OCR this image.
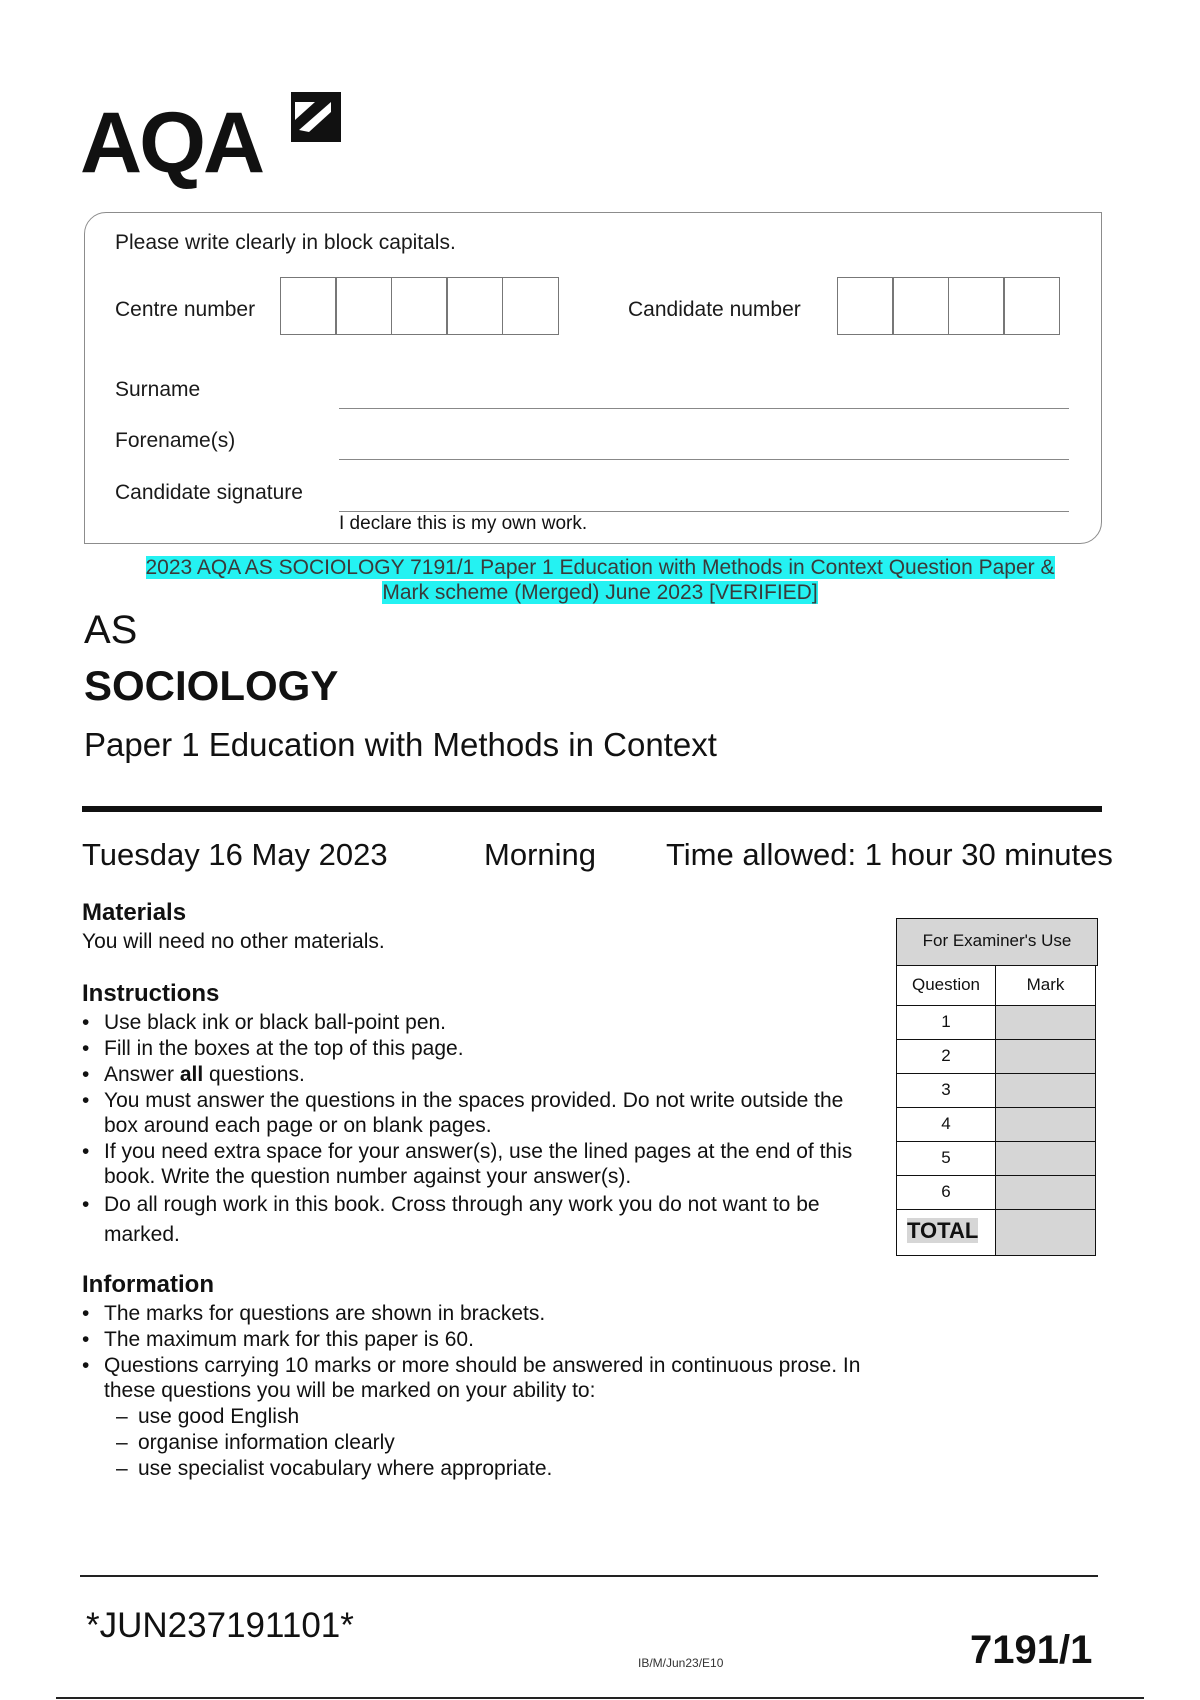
AQA
Please write clearly in block capitals.
Centre number	Candidate number
Surname
Forename(s)
Candidate signature
I declare this is my own work.
2023 AQA AS SOCIOLOGY 7191/1 Paper 1 Education with Methods in Context Question Paper & Mark scheme (Merged) June 2023 [VERIFIED]
AS
SOCIOLOGY
Paper 1 Education with Methods in Context
Tuesday 16 May 2023	Morning Time allowed: 1 hour 30 minutes
Materials
You will need no other materials.
Instructions
• Use black ink or black ball-point pen.
• Fill in the boxes at the top of this page.
• Answer all questions.
• You must answer the questions in the spaces provided. Do not write outside the box around each page or on blank pages.
• If you need extra space for your answer(s), use the lined pages at the end of this book. Write the question number against your answer(s).
• Do all rough work in this book. Cross through any work you do not want to be marked.
Information
• The marks for questions are shown in brackets.
• The maximum mark for this paper is 60.
• Questions carrying 10 marks or more should be answered in continuous prose. In these questions you will be marked on your ability to:
– use good English
– organise information clearly
– use specialist vocabulary where appropriate.
For Examiner's Use
Question	Mark
1
2
3
4
5
6
TOTAL
*JUN237191101*
IB/M/Jun23/E10	7191/1
